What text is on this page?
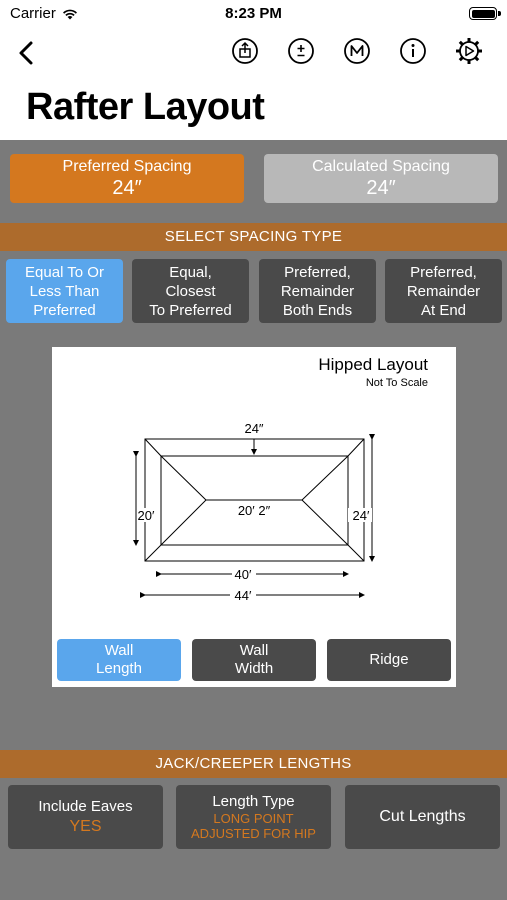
Carrier	8:23 PM
Rafter Layout
Preferred Spacing
24″
Calculated Spacing
24″
SELECT SPACING TYPE
Equal To Or
Less Than
Preferred
Equal,
Closest
To Preferred
Preferred,
Remainder
Both Ends
Preferred,
Remainder
At End
Hipped Layout
Not To Scale
24″
20′ 2″
20′	24′
40′
44′
Wall
Length
Wall
Width
Ridge
JACK/CREEPER LENGTHS
Include Eaves
YES
Length Type
LONG POINT
ADJUSTED FOR HIP
Cut Lengths
